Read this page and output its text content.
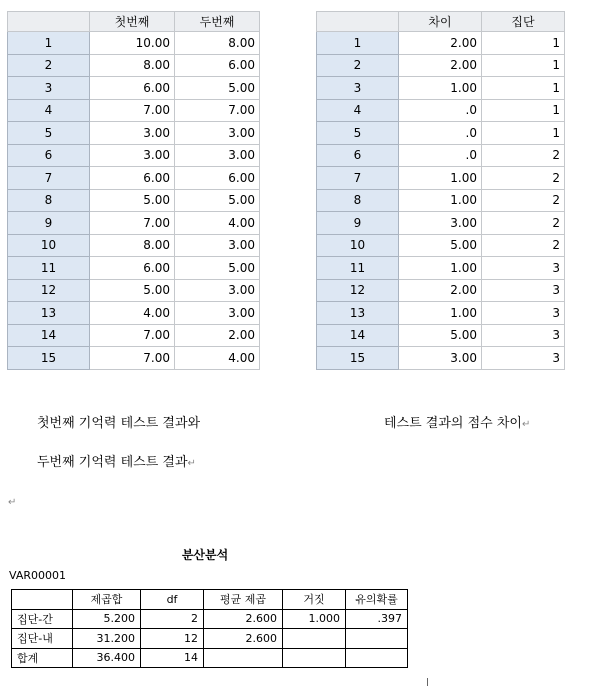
	첫번째	두번째
1	10.00	8.00
2	8.00	6.00
3	6.00	5.00
4	7.00	7.00
5	3.00	3.00
6	3.00	3.00
7	6.00	6.00
8	5.00	5.00
9	7.00	4.00
10	8.00	3.00
11	6.00	5.00
12	5.00	3.00
13	4.00	3.00
14	7.00	2.00
15	7.00	4.00
	차이	집단
1	2.00	1
2	2.00	1
3	1.00	1
4	.0	1
5	.0	1
6	.0	2
7	1.00	2
8	1.00	2
9	3.00	2
10	5.00	2
11	1.00	3
12	2.00	3
13	1.00	3
14	5.00	3
15	3.00	3
첫번째 기억력 테스트 결과와
두번째 기억력 테스트 결과↵
테스트 결과의 점수 차이↵
↵
분산분석
VAR00001
	제곱합	df	평균 제곱	거짓	유의확률
집단-간	5.200	2	2.600	1.000	.397
집단-내	31.200	12	2.600		
합계	36.400	14			
